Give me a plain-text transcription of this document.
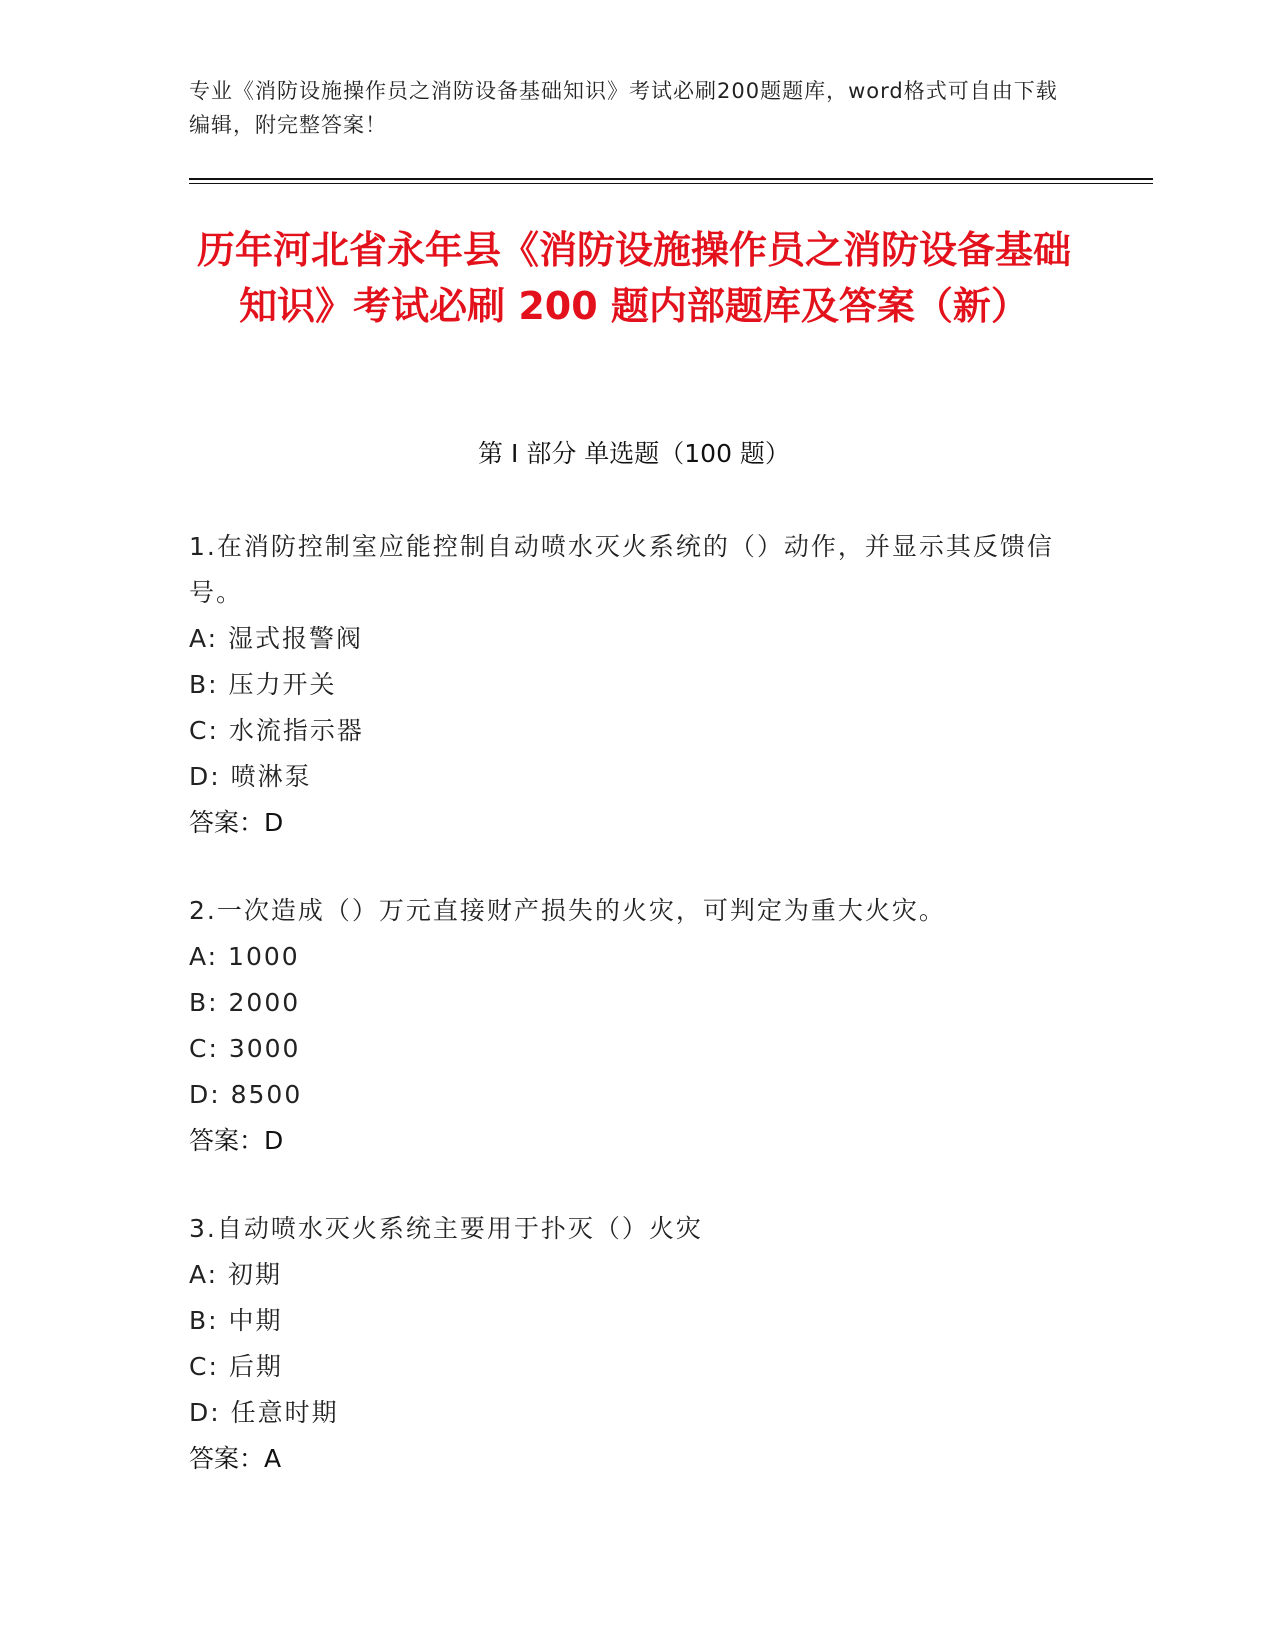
专业《消防设施操作员之消防设备基础知识》考试必刷200题题库，word格式可自由下载编辑，附完整答案！
历年河北省永年县《消防设施操作员之消防设备基础知识》考试必刷 200 题内部题库及答案（新）
第 I 部分 单选题（100 题）

1.在消防控制室应能控制自动喷水灭火系统的（）动作，并显示其反馈信号。

A: 湿式报警阀

B: 压力开关

C: 水流指示器

D: 喷淋泵

答案：D

2.一次造成（）万元直接财产损失的火灾，可判定为重大火灾。

A: 1000

B: 2000

C: 3000

D: 8500

答案：D

3.自动喷水灭火系统主要用于扑灭（）火灾

A: 初期

B: 中期

C: 后期

D: 任意时期

答案：A
